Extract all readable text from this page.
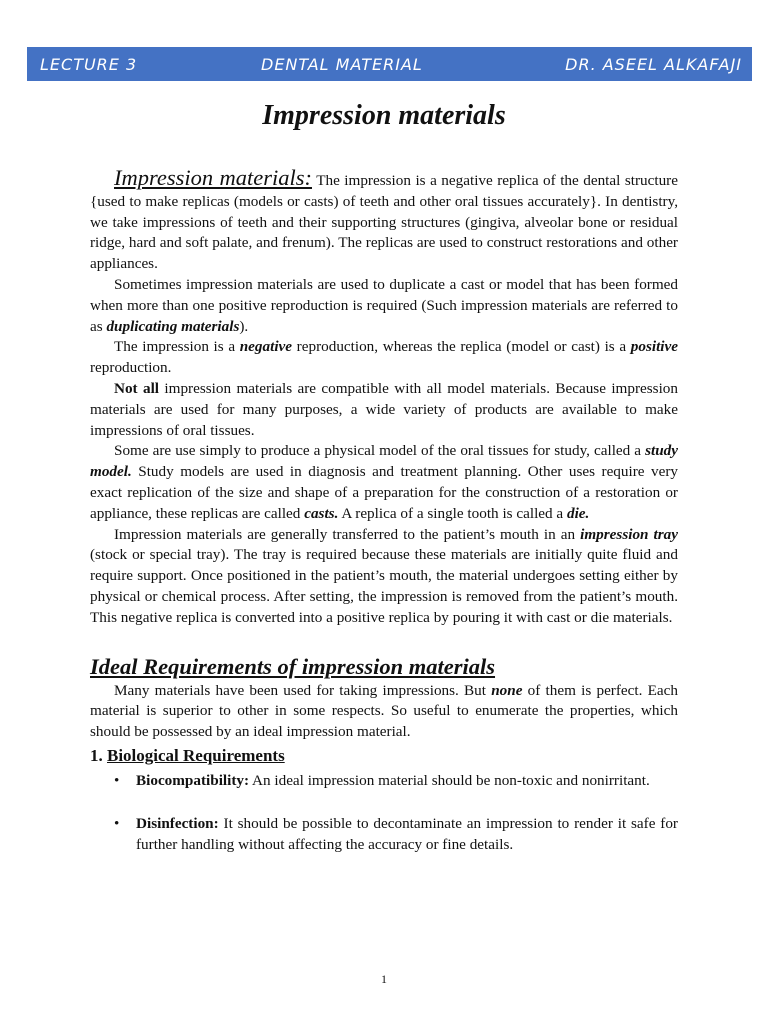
LECTURE 3	DENTAL MATERIAL	DR. ASEEL ALKAFAJI
Impression materials

Impression materials: The impression is a negative replica of the dental structure {used to make replicas (models or casts) of teeth and other oral tissues accurately}. In dentistry, we take impressions of teeth and their supporting structures (gingiva, alveolar bone or residual ridge, hard and soft palate, and frenum). The replicas are used to construct restorations and other appliances.

Sometimes impression materials are used to duplicate a cast or model that has been formed when more than one positive reproduction is required (Such impression materials are referred to as duplicating materials).

The impression is a negative reproduction, whereas the replica (model or cast) is a positive reproduction.

Not all impression materials are compatible with all model materials. Because impression materials are used for many purposes, a wide variety of products are available to make impressions of oral tissues.

Some are use simply to produce a physical model of the oral tissues for study, called a study model. Study models are used in diagnosis and treatment planning. Other uses require very exact replication of the size and shape of a preparation for the construction of a restoration or appliance, these replicas are called casts. A replica of a single tooth is called a die.

Impression materials are generally transferred to the patient’s mouth in an impression tray (stock or special tray). The tray is required because these materials are initially quite fluid and require support. Once positioned in the patient’s mouth, the material undergoes setting either by physical or chemical process. After setting, the impression is removed from the patient’s mouth. This negative replica is converted into a positive replica by pouring it with cast or die materials.

Ideal Requirements of impression materials

Many materials have been used for taking impressions. But none of them is perfect. Each material is superior to other in some respects. So useful to enumerate the properties, which should be possessed by an ideal impression material.

1. Biological Requirements
• Biocompatibility: An ideal impression material should be non-toxic and nonirritant.
• Disinfection: It should be possible to decontaminate an impression to render it safe for further handling without affecting the accuracy or fine details.
1
